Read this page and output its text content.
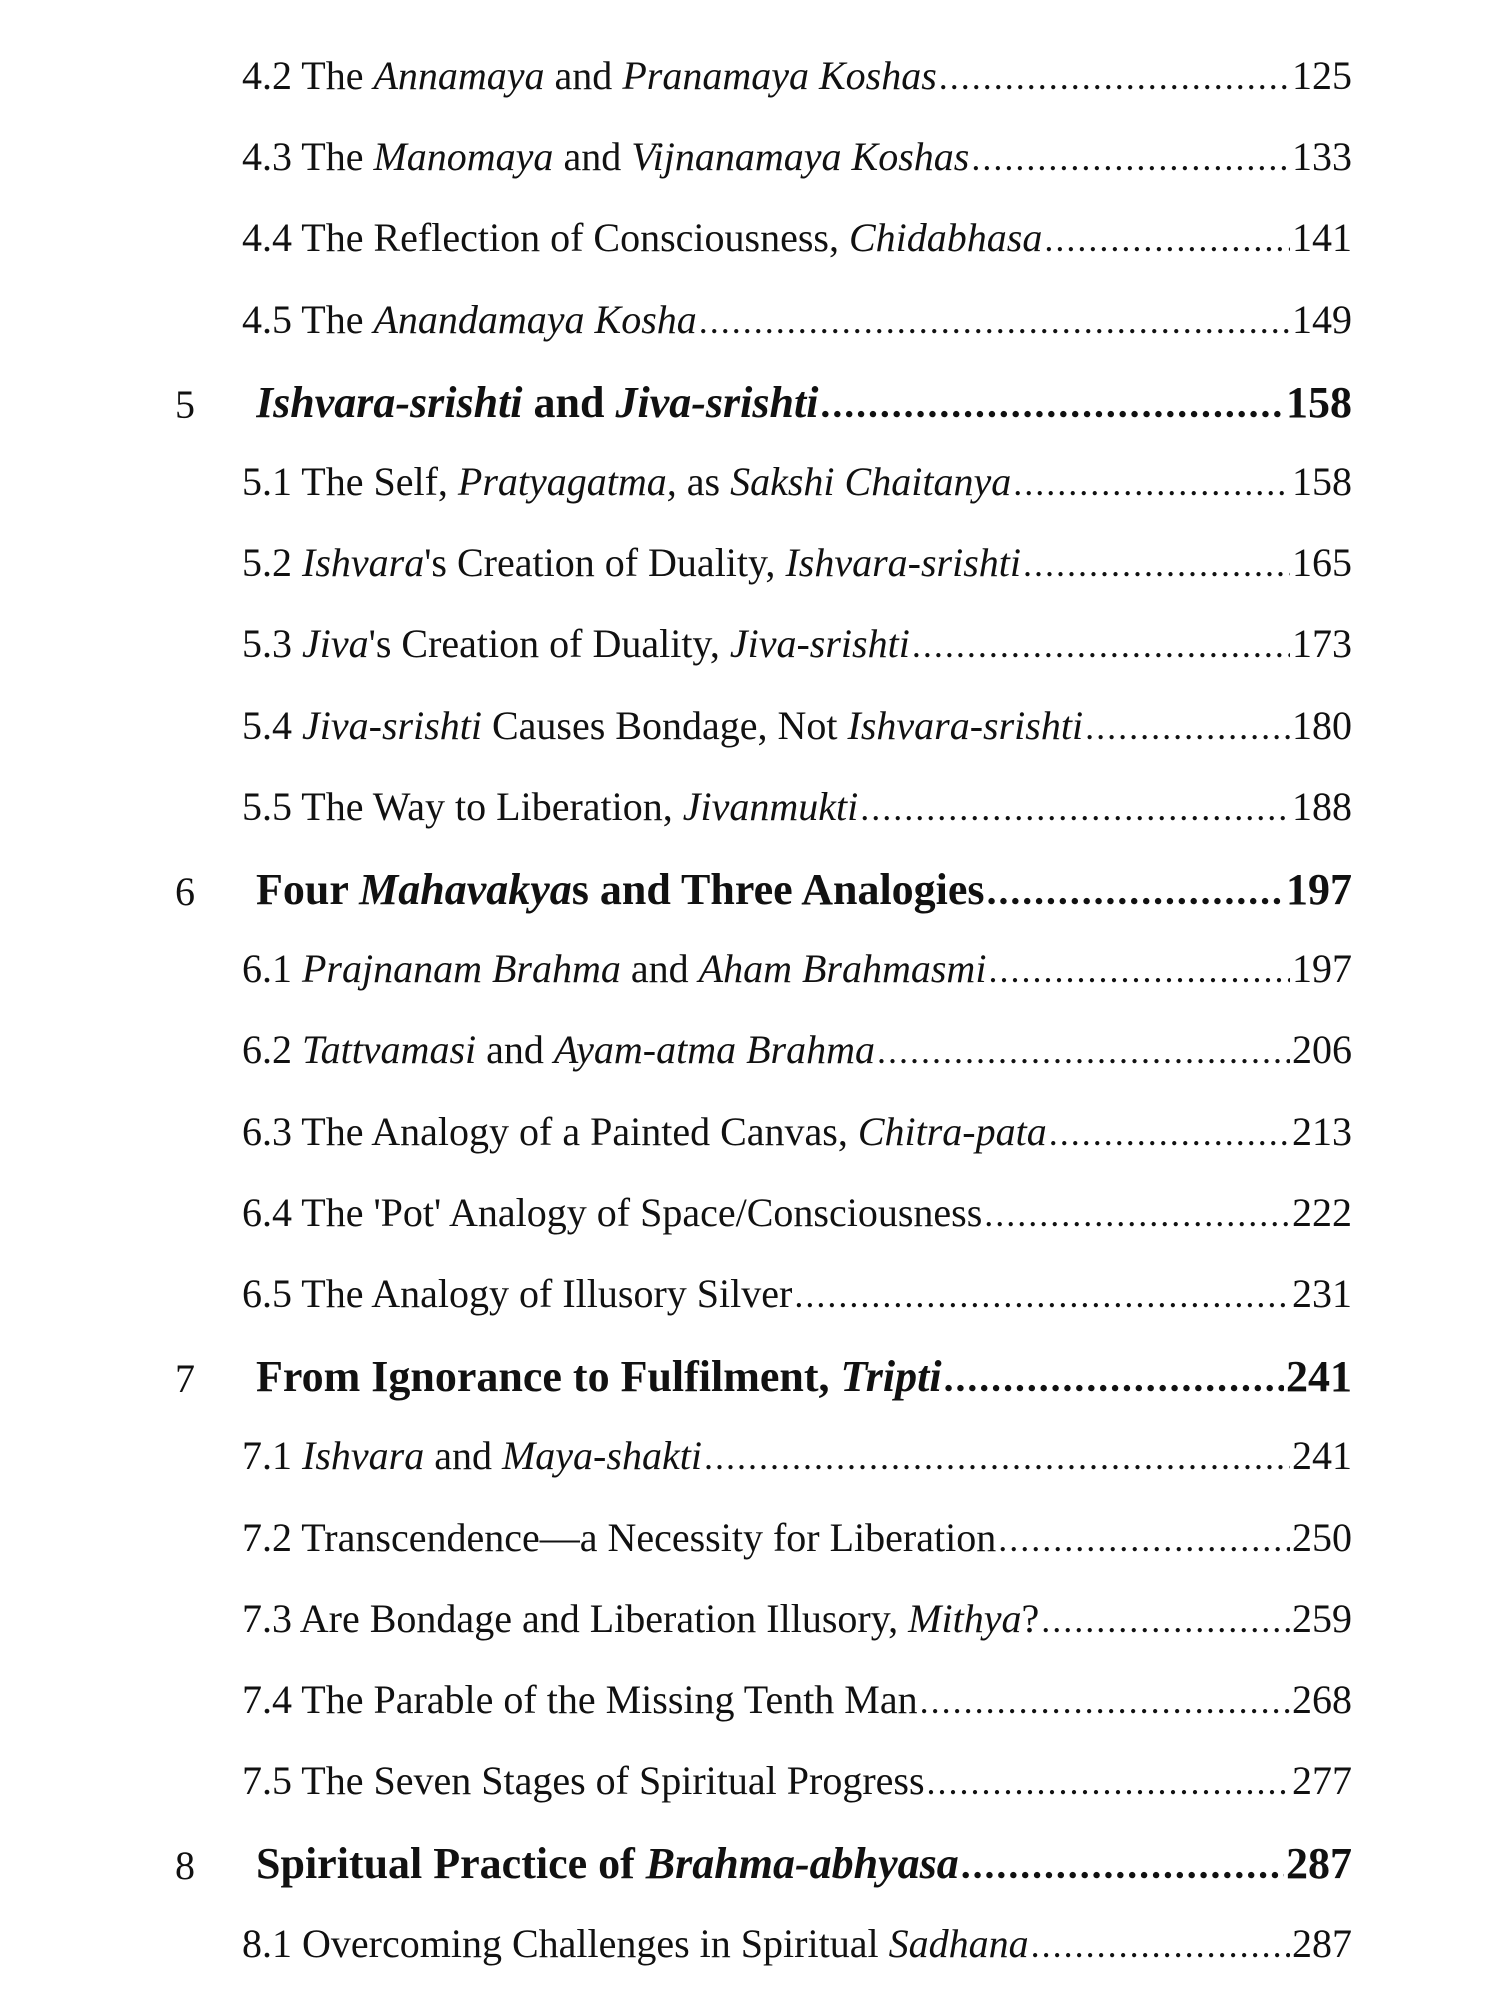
4.2 The Annamaya and Pranamaya Koshas .....	125
4.3 The Manomaya and Vijnanamaya Koshas .....	133
4.4 The Reflection of Consciousness, Chidabhasa .....	141
4.5 The Anandamaya Kosha .....	149
5 Ishvara-srishti and Jiva-srishti .....	158
5.1 The Self, Pratyagatma, as Sakshi Chaitanya .....	158
5.2 Ishvara's Creation of Duality, Ishvara-srishti .....	165
5.3 Jiva's Creation of Duality, Jiva-srishti .....	173
5.4 Jiva-srishti Causes Bondage, Not Ishvara-srishti .....	180
5.5 The Way to Liberation, Jivanmukti .....	188
6 Four Mahavakyas and Three Analogies .....	197
6.1 Prajnanam Brahma and Aham Brahmasmi .....	197
6.2 Tattvamasi and Ayam-atma Brahma .....	206
6.3 The Analogy of a Painted Canvas, Chitra-pata .....	213
6.4 The 'Pot' Analogy of Space/Consciousness .....	222
6.5 The Analogy of Illusory Silver .....	231
7 From Ignorance to Fulfilment, Tripti .....	241
7.1 Ishvara and Maya-shakti .....	241
7.2 Transcendence—a Necessity for Liberation .....	250
7.3 Are Bondage and Liberation Illusory, Mithya? .....	259
7.4 The Parable of the Missing Tenth Man .....	268
7.5 The Seven Stages of Spiritual Progress .....	277
8 Spiritual Practice of Brahma-abhyasa .....	287
8.1 Overcoming Challenges in Spiritual Sadhana .....	287
